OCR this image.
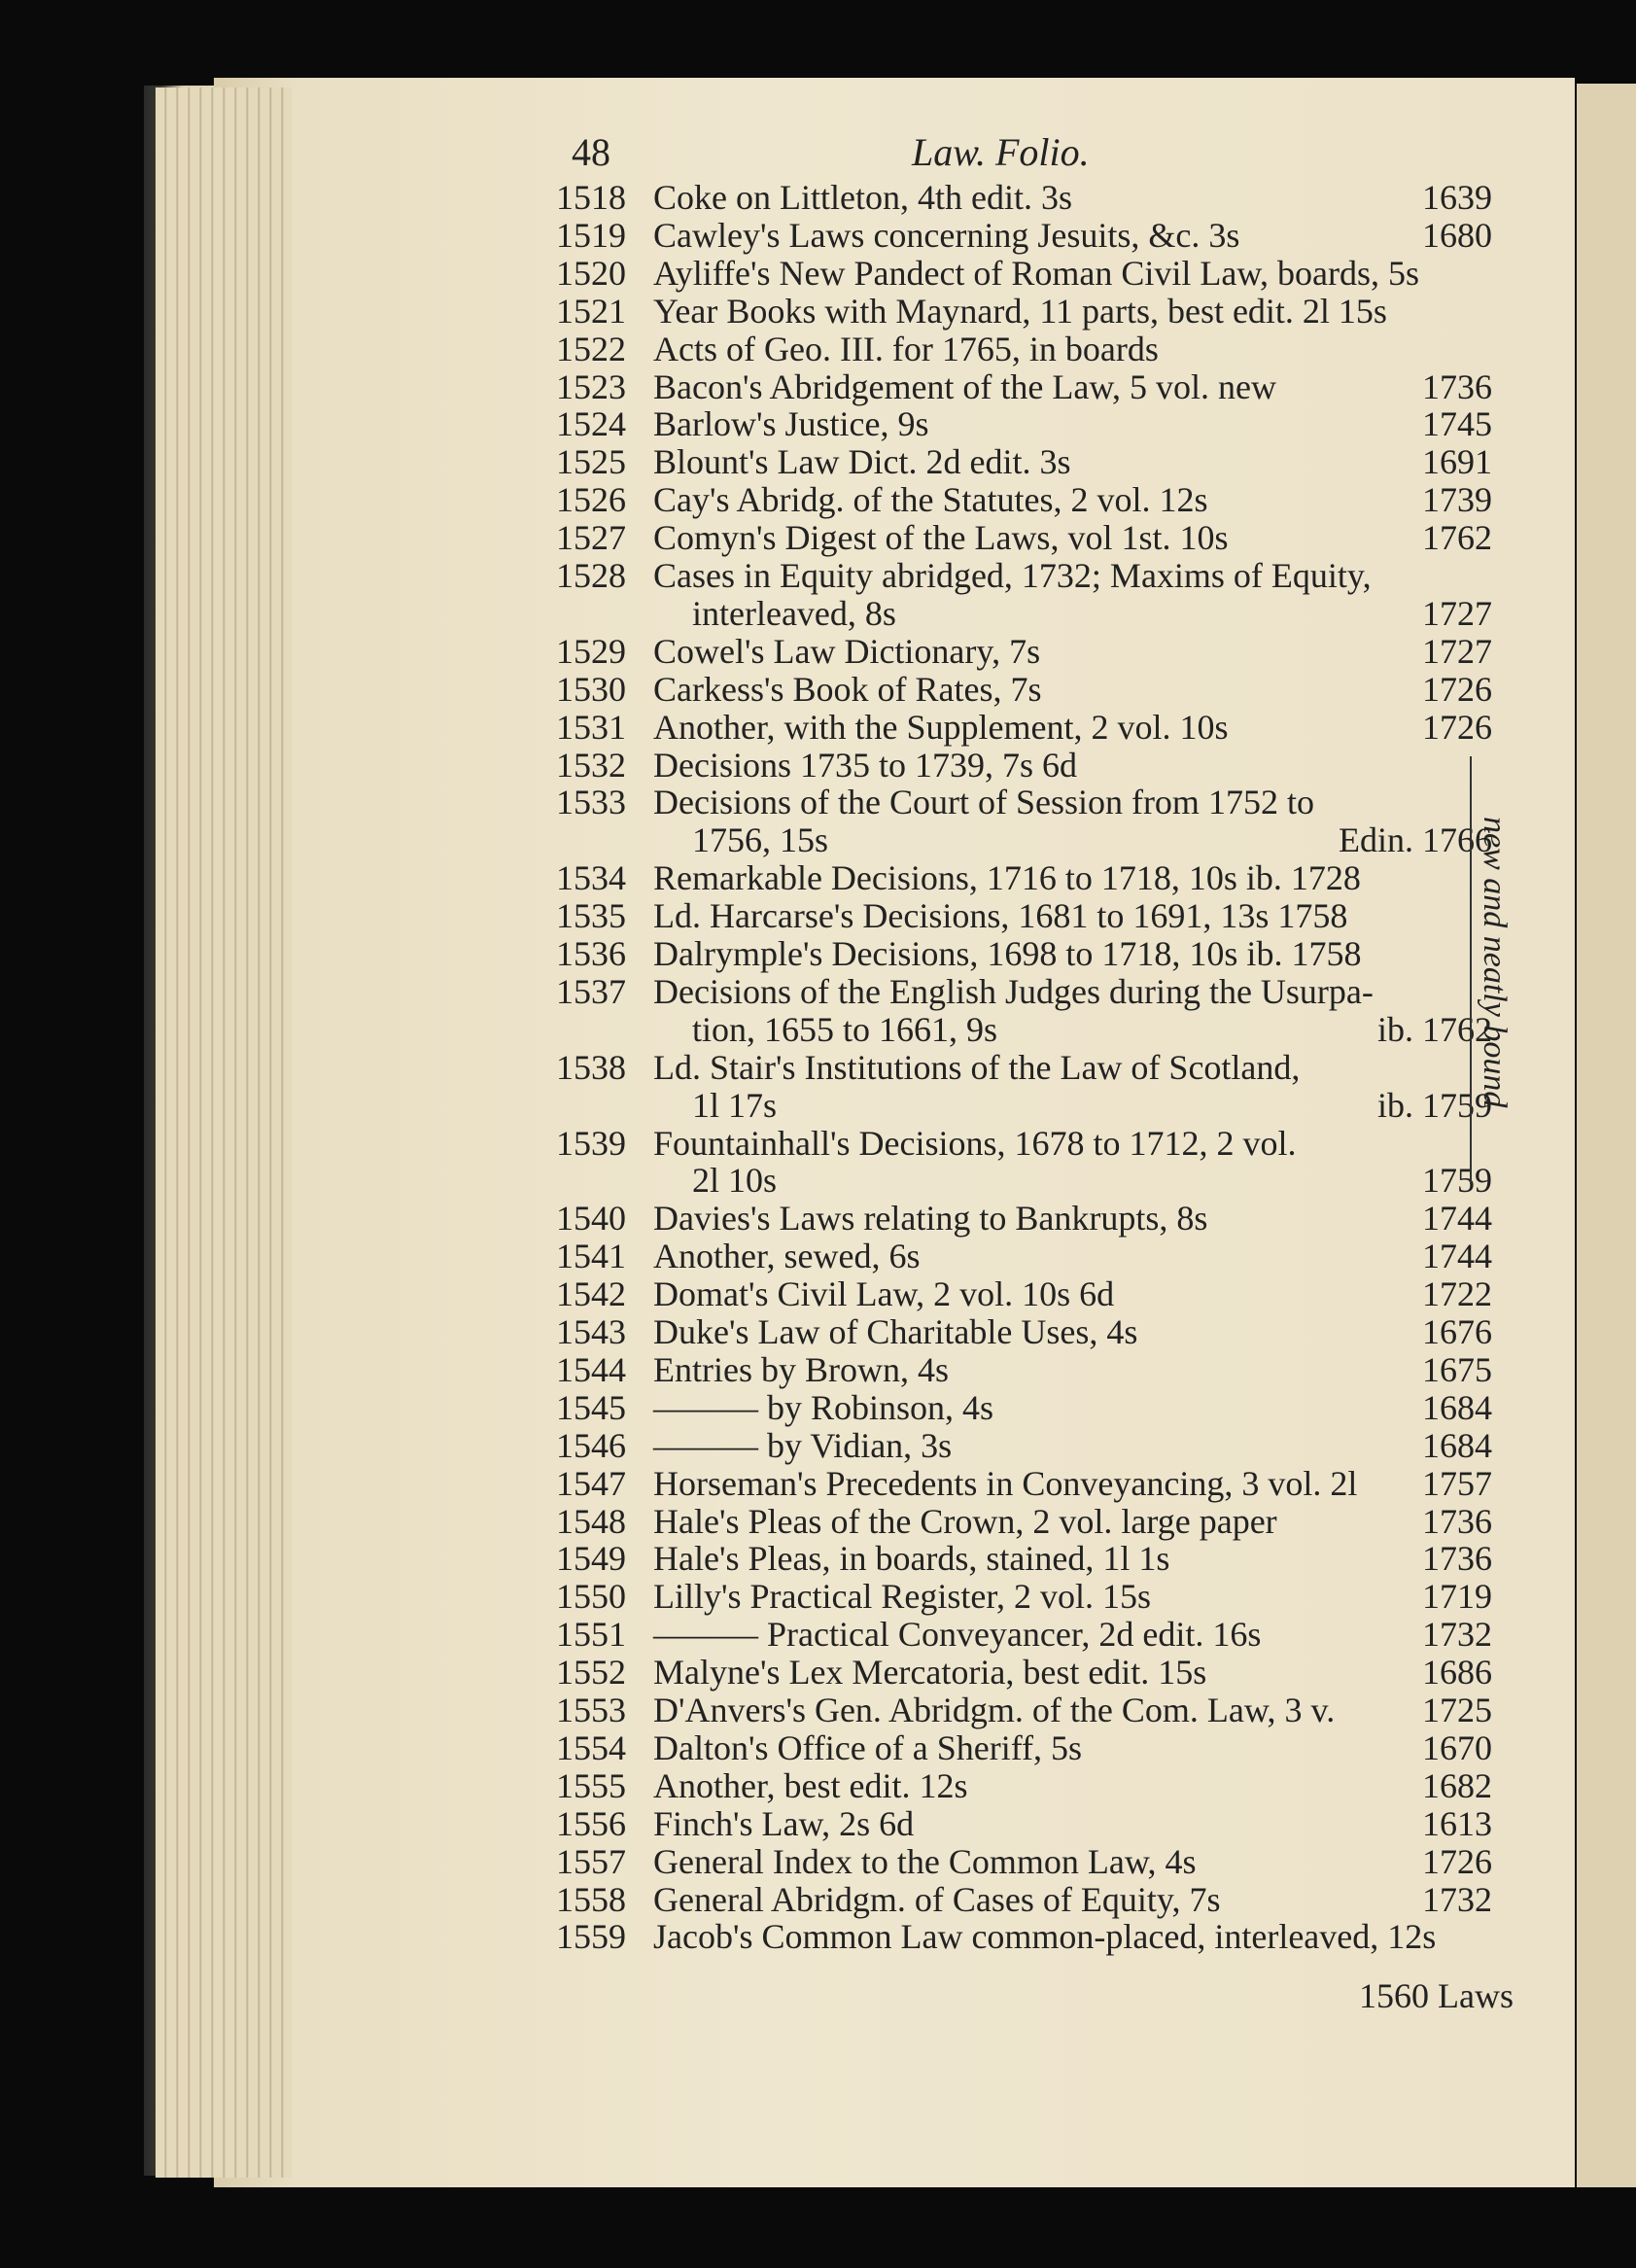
48	Law. Folio.
1518 Coke on Littleton, 4th edit. 3s	1639
1519 Cawley's Laws concerning Jesuits, &c. 3s	1680
1520 Ayliffe's New Pandect of Roman Civil Law, boards, 5s
1521 Year Books with Maynard, 11 parts, best edit. 2l 15s
1522 Acts of Geo. III. for 1765, in boards
1523 Bacon's Abridgement of the Law, 5 vol. new	1736
1524 Barlow's Justice, 9s	1745
1525 Blount's Law Dict. 2d edit. 3s	1691
1526 Cay's Abridg. of the Statutes, 2 vol. 12s	1739
1527 Comyn's Digest of the Laws, vol 1st. 10s	1762
1528 Cases in Equity abridged, 1732; Maxims of Equity,
interleaved, 8s	1727
1529 Cowel's Law Dictionary, 7s	1727
1530 Carkess's Book of Rates, 7s	1726
1531 Another, with the Supplement, 2 vol. 10s	1726
1532 Decisions 1735 to 1739, 7s 6d
1533 Decisions of the Court of Session from 1752 to
1756, 15s	Edin. 1766
1534 Remarkable Decisions, 1716 to 1718, 10s ib. 1728
1535 Ld. Harcarse's Decisions, 1681 to 1691, 13s 1758
1536 Dalrymple's Decisions, 1698 to 1718, 10s ib. 1758
1537 Decisions of the English Judges during the Usurpa-
tion, 1655 to 1661, 9s	ib. 1762
1538 Ld. Stair's Institutions of the Law of Scotland,
1l 17s	ib. 1759
1539 Fountainhall's Decisions, 1678 to 1712, 2 vol.
2l 10s	1759
1540 Davies's Laws relating to Bankrupts, 8s	1744
1541 Another, sewed, 6s	1744
1542 Domat's Civil Law, 2 vol. 10s 6d	1722
1543 Duke's Law of Charitable Uses, 4s	1676
1544 Entries by Brown, 4s	1675
1545 ——— by Robinson, 4s	1684
1546 ——— by Vidian, 3s	1684
1547 Horseman's Precedents in Conveyancing, 3 vol. 2l 1757
1548 Hale's Pleas of the Crown, 2 vol. large paper	1736
1549 Hale's Pleas, in boards, stained, 1l 1s	1736
1550 Lilly's Practical Register, 2 vol. 15s	1719
1551 ——— Practical Conveyancer, 2d edit. 16s	1732
1552 Malyne's Lex Mercatoria, best edit. 15s	1686
1553 D'Anvers's Gen. Abridgm. of the Com. Law, 3 v. 1725
1554 Dalton's Office of a Sheriff, 5s	1670
1555 Another, best edit. 12s	1682
1556 Finch's Law, 2s 6d	1613
1557 General Index to the Common Law, 4s	1726
1558 General Abridgm. of Cases of Equity, 7s	1732
1559 Jacob's Common Law common-placed, interleaved, 12s
new and neatly bound
1560 Laws
